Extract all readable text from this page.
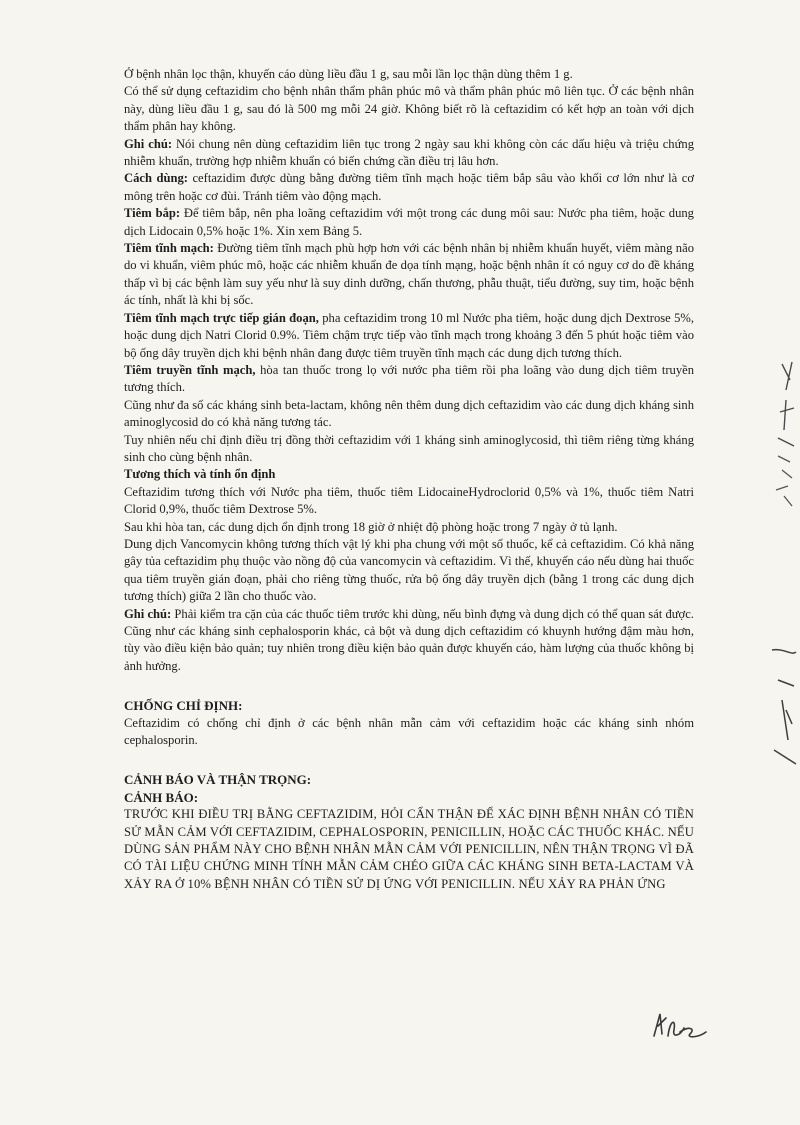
Ở bệnh nhân lọc thận, khuyến cáo dùng liều đầu 1 g, sau mỗi lần lọc thận dùng thêm 1 g.

Có thể sử dụng ceftazidim cho bệnh nhân thẩm phân phúc mô và thẩm phân phúc mô liên tục. Ở các bệnh nhân này, dùng liều đầu 1 g, sau đó là 500 mg mỗi 24 giờ. Không biết rõ là ceftazidim có kết hợp an toàn với dịch thẩm phân hay không.

Ghi chú: Nói chung nên dùng ceftazidim liên tục trong 2 ngày sau khi không còn các dấu hiệu và triệu chứng nhiễm khuẩn, trường hợp nhiễm khuẩn có biến chứng cần điều trị lâu hơn.

Cách dùng: ceftazidim được dùng bằng đường tiêm tĩnh mạch hoặc tiêm bắp sâu vào khối cơ lớn như là cơ mông trên hoặc cơ đùi. Tránh tiêm vào động mạch.

Tiêm bắp: Để tiêm bắp, nên pha loãng ceftazidim với một trong các dung môi sau: Nước pha tiêm, hoặc dung dịch Lidocain 0,5% hoặc 1%. Xin xem Bảng 5.

Tiêm tĩnh mạch: Đường tiêm tĩnh mạch phù hợp hơn với các bệnh nhân bị nhiễm khuẩn huyết, viêm màng não do vi khuẩn, viêm phúc mô, hoặc các nhiễm khuẩn đe dọa tính mạng, hoặc bệnh nhân ít có nguy cơ do đề kháng thấp vì bị các bệnh làm suy yếu như là suy dinh dưỡng, chấn thương, phẫu thuật, tiểu đường, suy tim, hoặc bệnh ác tính, nhất là khi bị sốc.

Tiêm tĩnh mạch trực tiếp gián đoạn, pha ceftazidim trong 10 ml Nước pha tiêm, hoặc dung dịch Dextrose 5%, hoặc dung dịch Natri Clorid 0.9%. Tiêm chậm trực tiếp vào tĩnh mạch trong khoảng 3 đến 5 phút hoặc tiêm vào bộ ống dây truyền dịch khi bệnh nhân đang được tiêm truyền tĩnh mạch các dung dịch tương thích.

Tiêm truyền tĩnh mạch, hòa tan thuốc trong lọ với nước pha tiêm rồi pha loãng vào dung dịch tiêm truyền tương thích.

Cũng như đa số các kháng sinh beta-lactam, không nên thêm dung dịch ceftazidim vào các dung dịch kháng sinh aminoglycosid do có khả năng tương tác.

Tuy nhiên nếu chỉ định điều trị đồng thời ceftazidim với 1 kháng sinh aminoglycosid, thì tiêm riêng từng kháng sinh cho cùng bệnh nhân.

Tương thích và tính ổn định

Ceftazidim tương thích với Nước pha tiêm, thuốc tiêm LidocaineHydroclorid 0,5% và 1%, thuốc tiêm Natri Clorid 0,9%, thuốc tiêm Dextrose 5%.

Sau khi hòa tan, các dung dịch ổn định trong 18 giờ ở nhiệt độ phòng hoặc trong 7 ngày ở tủ lạnh.

Dung dịch Vancomycin không tương thích vật lý khi pha chung với một số thuốc, kể cả ceftazidim. Có khả năng gây tủa ceftazidim phụ thuộc vào nồng độ của vancomycin và ceftazidim. Vì thế, khuyến cáo nếu dùng hai thuốc qua tiêm truyền gián đoạn, phải cho riêng từng thuốc, rửa bộ ống dây truyền dịch (bằng 1 trong các dung dịch tương thích) giữa 2 lần cho thuốc vào.

Ghi chú: Phải kiểm tra cặn của các thuốc tiêm trước khi dùng, nếu bình đựng và dung dịch có thể quan sát được.

Cũng như các kháng sinh cephalosporin khác, cả bột và dung dịch ceftazidim có khuynh hướng đậm màu hơn, tùy vào điều kiện bảo quản; tuy nhiên trong điều kiện bảo quản được khuyến cáo, hàm lượng của thuốc không bị ảnh hưởng.

CHỐNG CHỈ ĐỊNH:

Ceftazidim có chống chỉ định ở các bệnh nhân mẫn cảm với ceftazidim hoặc các kháng sinh nhóm cephalosporin.

CẢNH BÁO VÀ THẬN TRỌNG:

CẢNH BÁO:

TRƯỚC KHI ĐIỀU TRỊ BẰNG CEFTAZIDIM, HỎI CẨN THẬN ĐỂ XÁC ĐỊNH BỆNH NHÂN CÓ TIỀN SỬ MẪN CẢM VỚI CEFTAZIDIM, CEPHALOSPORIN, PENICILLIN, HOẶC CÁC THUỐC KHÁC. NẾU DÙNG SẢN PHẨM NÀY CHO BỆNH NHÂN MẪN CẢM VỚI PENICILLIN, NÊN THẬN TRỌNG VÌ ĐÃ CÓ TÀI LIỆU CHỨNG MINH TÍNH MẪN CẢM CHÉO GIỮA CÁC KHÁNG SINH BETA-LACTAM VÀ XẢY RA Ở 10% BỆNH NHÂN CÓ TIỀN SỬ DỊ ỨNG VỚI PENICILLIN. NẾU XẢY RA PHẢN ỨNG
